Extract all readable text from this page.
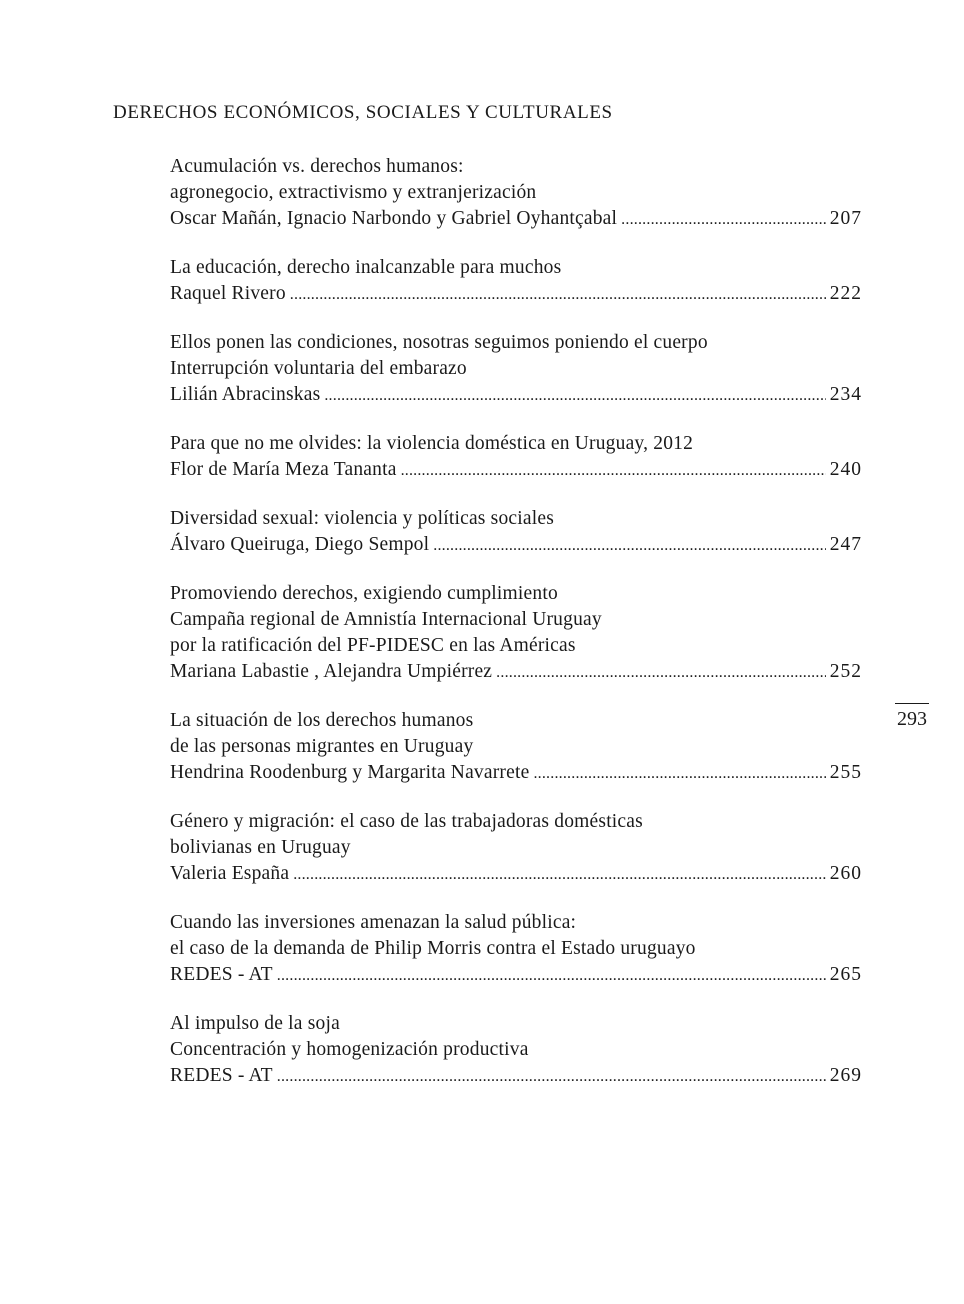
DERECHOS ECONÓMICOS, SOCIALES Y CULTURALES
Acumulación vs. derechos humanos:
agronegocio, extractivismo y extranjerización
Oscar Mañán, Ignacio Narbondo y Gabriel Oyhantçabal .....	207
La educación, derecho inalcanzable para muchos
Raquel Rivero .....	222
Ellos ponen las condiciones, nosotras seguimos poniendo el cuerpo
Interrupción voluntaria del embarazo
Lilián Abracinskas .....	234
Para que no me olvides: la violencia doméstica en Uruguay, 2012
Flor de María Meza Tananta .....	240
Diversidad sexual: violencia y políticas sociales
Álvaro Queiruga, Diego Sempol .....	247
Promoviendo derechos, exigiendo cumplimiento
Campaña regional de Amnistía Internacional Uruguay
por la ratificación del PF-PIDESC en las Américas
Mariana Labastie , Alejandra Umpiérrez .....	252
La situación de los derechos humanos
de las personas migrantes en Uruguay
Hendrina Roodenburg y Margarita Navarrete .....	255
Género y migración: el caso de las trabajadoras domésticas
bolivianas en Uruguay
Valeria España .....	260
Cuando las inversiones amenazan la salud pública:
el caso de la demanda de Philip Morris contra el Estado uruguayo
REDES - AT .....	265
Al impulso de la soja
Concentración y homogenización productiva
REDES - AT .....	269
293
